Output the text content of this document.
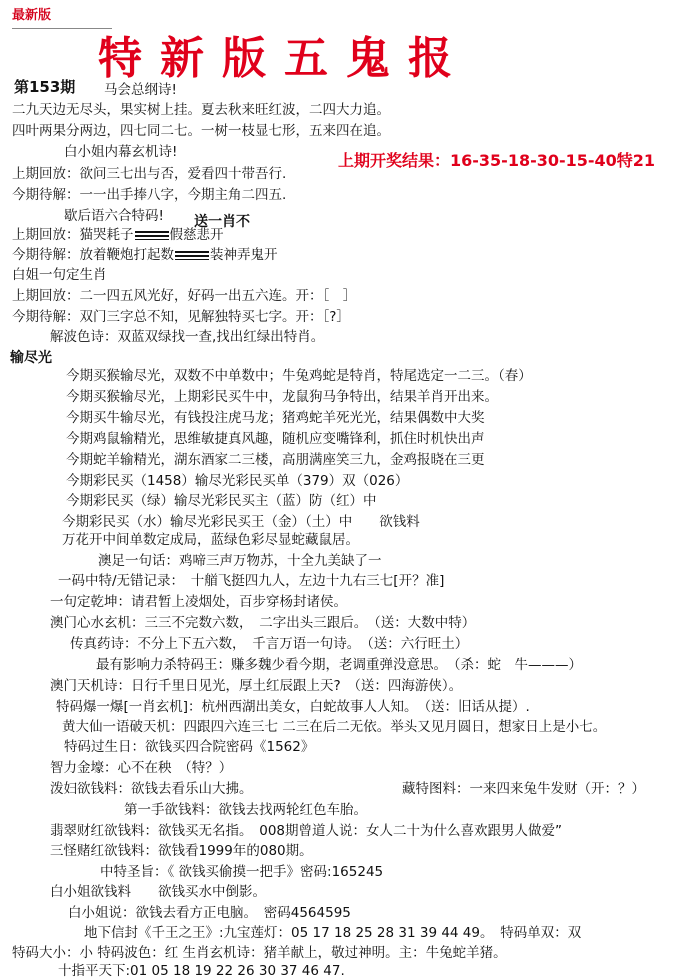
最新版
特新版五鬼报
第153期
上期开奖结果：16-35-18-30-15-40特21
马会总纲诗!
二九天边无尽头，果实树上挂。夏去秋来旺红波，二四大力追。
四叶两果分两边，四七同二七。一树一枝显七形，五来四在追。
白小姐内幕玄机诗!
上期回放：欲问三七出与否，爱看四十带吾行.
今期待解：一一出手捧八字，今期主角二四五.
歇后语六合特码! 送一肖不
上期回放：猫哭耗子	假慈悲开
今期待解：放着鞭炮打起数	装神弄鬼开
白姐一句定生肖
上期回放：二一四五风光好，好码一出五六连。开：［　］
今期待解：双门三字总不知，见解独特买七字。开：［?］
解波色诗：双蓝双绿找一查,找出红绿出特肖。
输尽光
今期买猴输尽光，双数不中单数中；牛兔鸡蛇是特肖，特尾选定一二三。（春）
今期买猴输尽光，上期彩民买牛中，龙鼠狗马争特出，结果羊肖开出来。
今期买牛输尽光，有钱投注虎马龙；猪鸡蛇羊死光光，结果偶数中大奖
今期鸡鼠输精光，思维敏捷真风趣，随机应变嘴锋利，抓住时机快出声
今期蛇羊输精光，湖东酒家二三楼，高朋满座笑三九，金鸡报晓在三更
今期彩民买（1458）输尽光彩民买单（379）双（026）
今期彩民买（绿）输尽光彩民买主（蓝）防（红）中
今期彩民买（水）输尽光彩民买王（金）（土）中　　欲钱料
万花开中间单数定成局，蓝绿色彩尽显蛇藏鼠居。
澳足一句话：鸡啼三声万物苏，十全九美缺了一
一码中特/无错记录：　十艏飞挺四九人，左边十九右三七[开？准]
一句定乾坤：请君暂上凌烟处，百步穿杨封诸侯。
澳门心水玄机：三三不完数六数，　二字出头三跟后。　（送：大数中特）
传真药诗：不分上下五六数，　千言万语一句诗。　（送：六行旺土）
最有影响力杀特码王：赚多魏少看今期，老调重弹没意思。　（杀：蛇　牛———）
澳门天机诗：日行千里日见光，厚土红辰跟上天?　（送：四海游侠）。
特码爆一爆[一肖玄机]：杭州西湖出美女，白蛇故事人人知。　（送：旧话从提）.
黄大仙一语破天机：四跟四六连三七 二三在后二无依。举头又见月圆日，想家日上是小七。
特码过生日：欲钱买四合院密码《1562》
智力金壕：心不在秧　（特？）
泼妇欲钱料：欲钱去看乐山大拂。	藏特图料：一来四来兔牛发财（开：？）
第一手欲钱料：欲钱去找两轮红色车胎。
翡翠财红欲钱料：欲钱买无名指。　008期曾道人说：女人二十为什么喜欢跟男人做爱”
三怪赌红欲钱料：欲钱看1999年的080期。
中特圣旨：《 欲钱买偷摸一把手》密码:165245
白小姐欲钱料　　欲钱买水中倒影。
白小姐说：欲钱去看方正电脑。　密码4564595
地下信封《千王之王》:九宝莲灯：05 17 18 25 28 31 39 44 49。　特码单双：双
特码大小：小 特码波色：红 生肖玄机诗：猪羊献上，敬过神明。主：牛兔蛇羊猪。
十指平天下:01 05 18 19 22 26 30 37 46 47.
